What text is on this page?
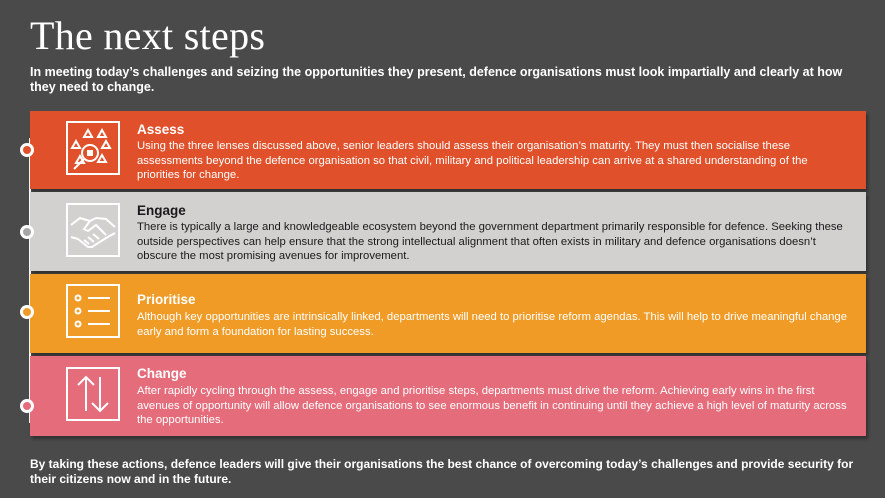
The next steps
In meeting today’s challenges and seizing the opportunities they present, defence organisations must look impartially and clearly at how they need to change.
Assess
Using the three lenses discussed above, senior leaders should assess their organisation’s maturity. They must then socialise these assessments beyond the defence organisation so that civil, military and political leadership can arrive at a shared understanding of the priorities for change.
Engage
There is typically a large and knowledgeable ecosystem beyond the government department primarily responsible for defence. Seeking these outside perspectives can help ensure that the strong intellectual alignment that often exists in military and defence organisations doesn’t obscure the most promising avenues for improvement.
Prioritise
Although key opportunities are intrinsically linked, departments will need to prioritise reform agendas. This will help to drive meaningful change early and form a foundation for lasting success.
Change
After rapidly cycling through the assess, engage and prioritise steps, departments must drive the reform. Achieving early wins in the first avenues of opportunity will allow defence organisations to see enormous benefit in continuing until they achieve a high level of maturity across the opportunities.
By taking these actions, defence leaders will give their organisations the best chance of overcoming today’s challenges and provide security for their citizens now and in the future.
